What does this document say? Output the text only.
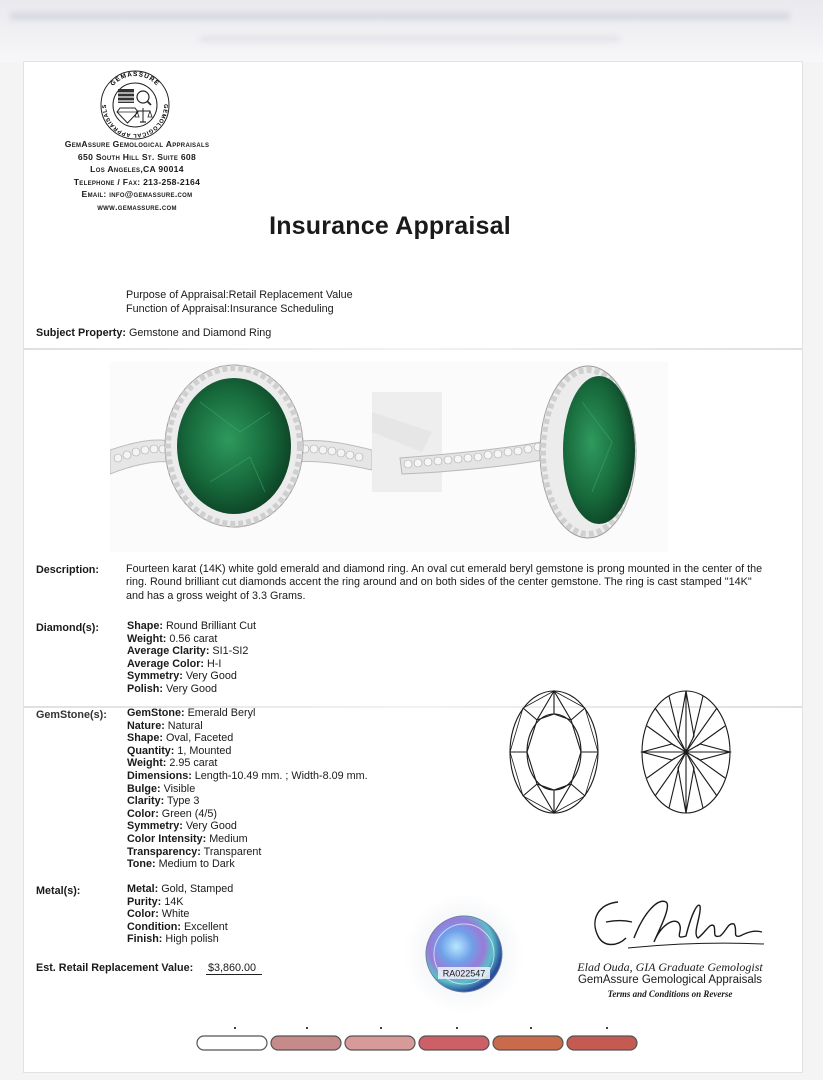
GEMASSURE
GEMOLOGICAL APPRAISALS
GemAssure Gemological Appraisals
650 South Hill St. Suite 608
Los Angeles,CA 90014
Telephone / Fax: 213-258-2164
Email: info@gemassure.com
www.gemassure.com
Insurance Appraisal
Purpose of Appraisal:Retail Replacement Value
Function of Appraisal:Insurance Scheduling
Subject Property: Gemstone and Diamond Ring
Description:	Fourteen karat (14K) white gold emerald and diamond ring. An oval cut emerald beryl gemstone is prong mounted in the center of the ring. Round brilliant cut diamonds accent the ring around and on both sides of the center gemstone. The ring is cast stamped "14K" and has a gross weight of 3.3 Grams.
Diamond(s):	Shape: Round Brilliant Cut
Weight: 0.56 carat
Average Clarity: SI1-SI2
Average Color: H-I
Symmetry: Very Good
Polish: Very Good
GemStone(s): GemStone: Emerald Beryl
Nature: Natural
Shape: Oval, Faceted
Quantity: 1, Mounted
Weight: 2.95 carat
Dimensions: Length-10.49 mm. ; Width-8.09 mm.
Bulge: Visible
Clarity: Type 3
Color: Green (4/5)
Symmetry: Very Good
Color Intensity: Medium
Transparency: Transparent
Tone: Medium to Dark
Metal(s):	Metal: Gold, Stamped
Purity: 14K
Color: White
Condition: Excellent
Finish: High polish
RA022547	Elad Ouda, GIA Graduate Gemologist
GemAssure Gemological Appraisals
Terms and Conditions on Reverse
Est. Retail Replacement Value: $3,860.00
